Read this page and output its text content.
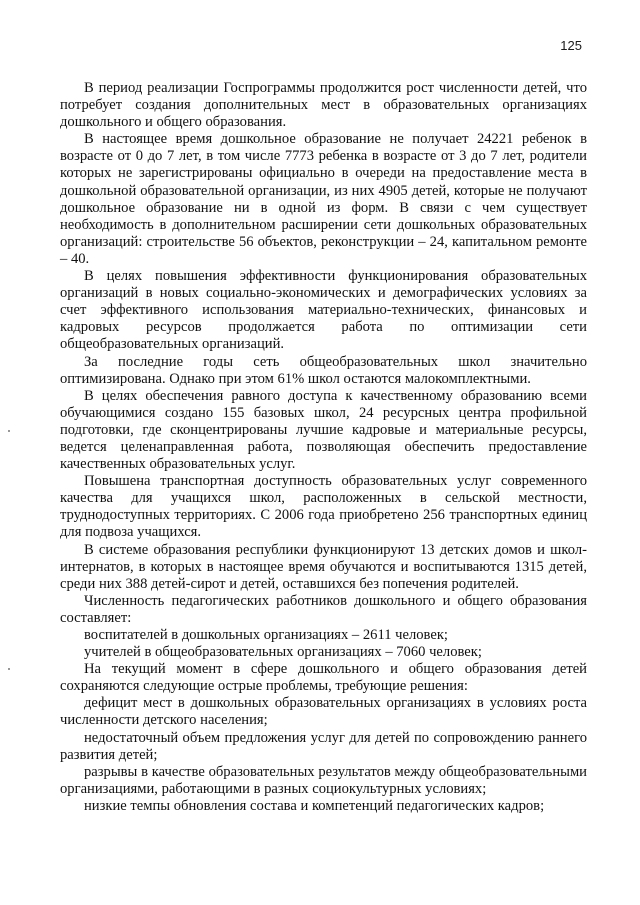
125

В период реализации Госпрограммы продолжится рост численности детей, что потребует создания дополнительных мест в образовательных организациях дошкольного и общего образования.

В настоящее время дошкольное образование не получает 24221 ребенок в возрасте от 0 до 7 лет, в том числе 7773 ребенка в возрасте от 3 до 7 лет, родители которых не зарегистрированы официально в очереди на предоставление места в дошкольной образовательной организации, из них 4905 детей, которые не получают дошкольное образование ни в одной из форм. В связи с чем существует необходимость в дополнительном расширении сети дошкольных образовательных организаций: строительстве 56 объектов, реконструкции – 24, капитальном ремонте – 40.

В целях повышения эффективности функционирования образовательных организаций в новых социально-экономических и демографических условиях за счет эффективного использования материально-технических, финансовых и кадровых ресурсов продолжается работа по оптимизации сети общеобразовательных организаций.

За последние годы сеть общеобразовательных школ значительно оптимизирована. Однако при этом 61% школ остаются малокомплектными.

В целях обеспечения равного доступа к качественному образованию всеми обучающимися создано 155 базовых школ, 24 ресурсных центра профильной подготовки, где сконцентрированы лучшие кадровые и материальные ресурсы, ведется целенаправленная работа, позволяющая обеспечить предоставление качественных образовательных услуг.

Повышена транспортная доступность образовательных услуг современного качества для учащихся школ, расположенных в сельской местности, труднодоступных территориях. С 2006 года приобретено 256 транспортных единиц для подвоза учащихся.

В системе образования республики функционируют 13 детских домов и школ-интернатов, в которых в настоящее время обучаются и воспитываются 1315 детей, среди них 388 детей-сирот и детей, оставшихся без попечения родителей.

Численность педагогических работников дошкольного и общего образования составляет:

воспитателей в дошкольных организациях – 2611 человек;

учителей в общеобразовательных организациях – 7060 человек;

На текущий момент в сфере дошкольного и общего образования детей сохраняются следующие острые проблемы, требующие решения:

дефицит мест в дошкольных образовательных организациях в условиях роста численности детского населения;

недостаточный объем предложения услуг для детей по сопровождению раннего развития детей;

разрывы в качестве образовательных результатов между общеобразовательными организациями, работающими в разных социокультурных условиях;

низкие темпы обновления состава и компетенций педагогических кадров;
